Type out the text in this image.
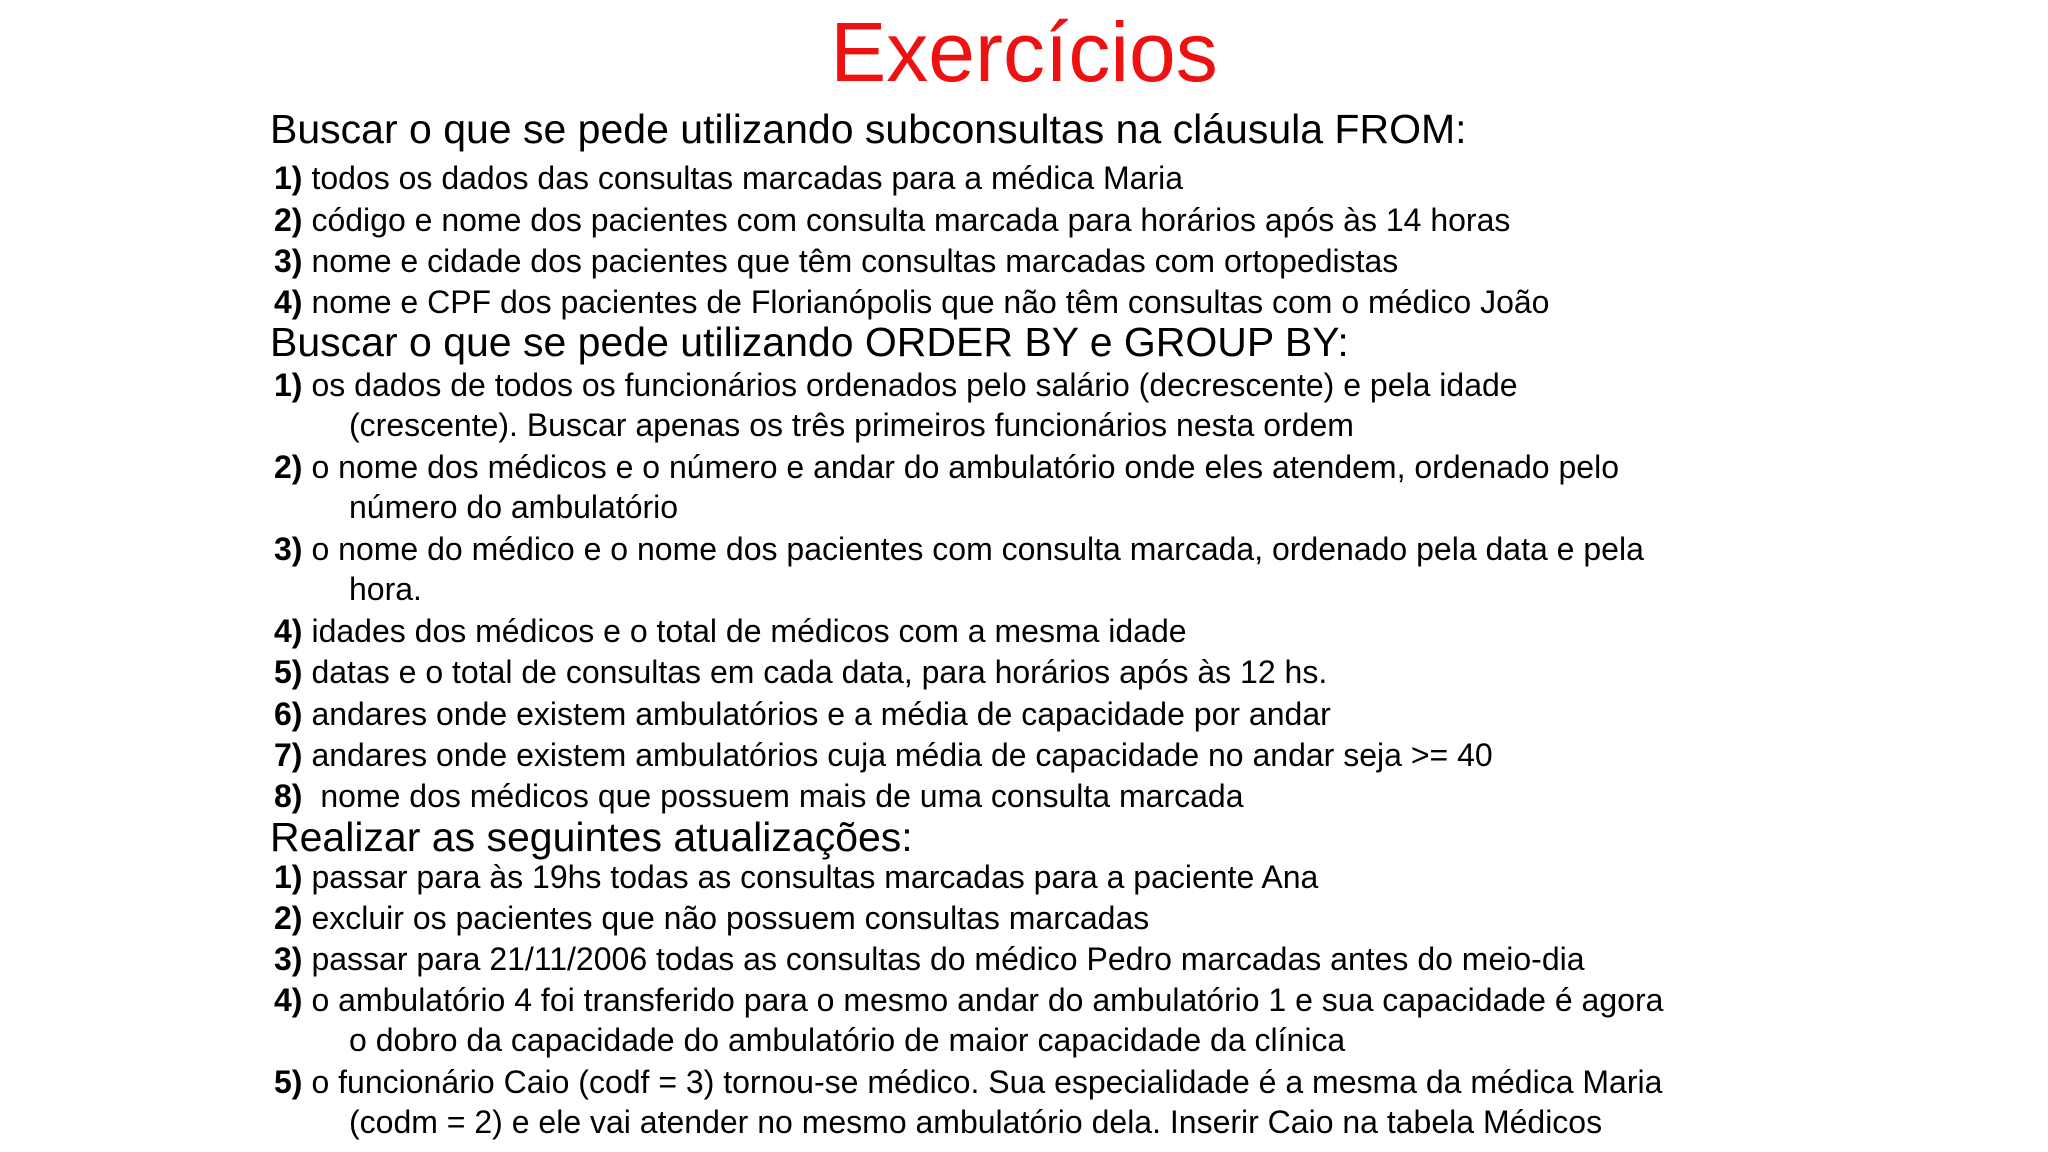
Exercícios
Buscar o que se pede utilizando subconsultas na cláusula FROM:
1) todos os dados das consultas marcadas para a médica Maria
2) código e nome dos pacientes com consulta marcada para horários após às 14 horas
3) nome e cidade dos pacientes que têm consultas marcadas com ortopedistas
4) nome e CPF dos pacientes de Florianópolis que não têm consultas com o médico João
Buscar o que se pede utilizando ORDER BY e GROUP BY:
1) os dados de todos os funcionários ordenados pelo salário (decrescente) e pela idade
(crescente). Buscar apenas os três primeiros funcionários nesta ordem
2) o nome dos médicos e o número e andar do ambulatório onde eles atendem, ordenado pelo
número do ambulatório
3) o nome do médico e o nome dos pacientes com consulta marcada, ordenado pela data e pela
hora.
4) idades dos médicos e o total de médicos com a mesma idade
5) datas e o total de consultas em cada data, para horários após às 12 hs.
6) andares onde existem ambulatórios e a média de capacidade por andar
7) andares onde existem ambulatórios cuja média de capacidade no andar seja >= 40
8) nome dos médicos que possuem mais de uma consulta marcada
Realizar as seguintes atualizações:
1) passar para às 19hs todas as consultas marcadas para a paciente Ana
2) excluir os pacientes que não possuem consultas marcadas
3) passar para 21/11/2006 todas as consultas do médico Pedro marcadas antes do meio-dia
4) o ambulatório 4 foi transferido para o mesmo andar do ambulatório 1 e sua capacidade é agora
o dobro da capacidade do ambulatório de maior capacidade da clínica
5) o funcionário Caio (codf = 3) tornou-se médico. Sua especialidade é a mesma da médica Maria
(codm = 2) e ele vai atender no mesmo ambulatório dela. Inserir Caio na tabela Médicos
